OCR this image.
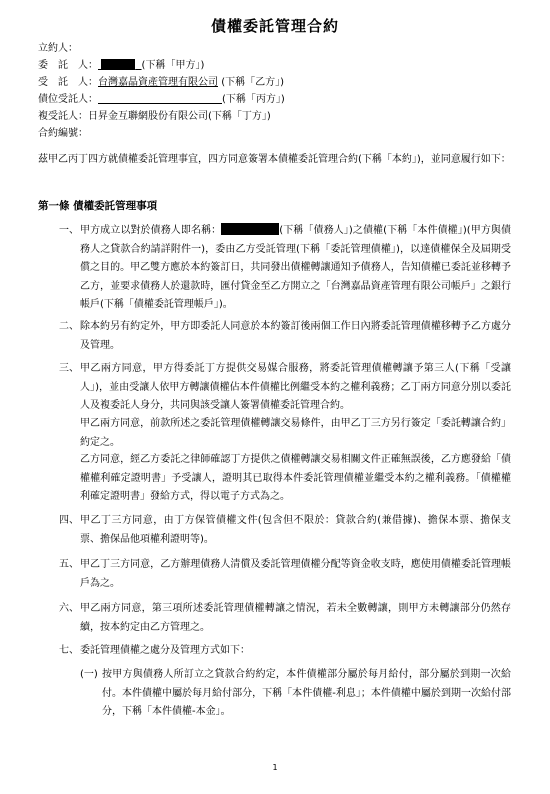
債權委託管理合約
立約人：
委　託　人：	(下稱「甲方」)
受　託　人：台灣嘉晶資產管理有限公司 (下稱「乙方」)
債位受託人：	(下稱「丙方」)
複受託人：日昇金互聯網股份有限公司(下稱「丁方」)
合約編號：
茲甲乙丙丁四方就債權委託管理事宜，四方同意簽署本債權委託管理合約(下稱「本約」)，並同意履行如下：
第一條 債權委託管理事項
一、 甲方成立以對於債務人即名稱：	(下稱「債務人」)之債權(下稱「本件債權」)(甲方與債務人之貸款合約請詳附件一)，委由乙方受託管理(下稱「委託管理債權」)，以達債權保全及屆期受償之目的。甲乙雙方應於本約簽訂日，共同發出債權轉讓通知予債務人，告知債權已委託並移轉予乙方，並要求債務人於還款時，匯付貸金至乙方開立之「台灣嘉晶資產管理有限公司帳戶」之銀行帳戶(下稱「債權委託管理帳戶」)。
二、 除本約另有約定外，甲方即委託人同意於本約簽訂後兩個工作日內將委託管理債權移轉予乙方處分及管理。
三、 甲乙兩方同意，甲方得委託丁方提供交易媒合服務，將委託管理債權轉讓予第三人(下稱「受讓人」)，並由受讓人依甲方轉讓債權佔本件債權比例繼受本約之權利義務；乙丁兩方同意分別以委託人及複委託人身分，共同與該受讓人簽署債權委託管理合約。
甲乙兩方同意，前款所述之委託管理債權轉讓交易條件，由甲乙丁三方另行簽定「委託轉讓合約」約定之。
乙方同意，經乙方委託之律師確認丁方提供之債權轉讓交易相關文件正確無誤後，乙方應發給「債權權利確定證明書」予受讓人，證明其已取得本件委託管理債權並繼受本約之權利義務。「債權權利確定證明書」發給方式，得以電子方式為之。
四、 甲乙丁三方同意，由丁方保管債權文件(包含但不限於：貸款合約(兼借據)、擔保本票、擔保支票、擔保品他項權利證明等)。
五、 甲乙丁三方同意，乙方辦理債務人清償及委託管理債權分配等資金收支時，應使用債權委託管理帳戶為之。
六、 甲乙兩方同意，第三項所述委託管理債權轉讓之情況，若未全數轉讓，則甲方未轉讓部分仍然存續，按本約定由乙方管理之。
七、 委託管理債權之處分及管理方式如下：
(一) 按甲方與債務人所訂立之貸款合約約定，本件債權部分屬於每月給付，部分屬於到期一次給付。本件債權中屬於每月給付部分，下稱「本件債權-利息」；本件債權中屬於到期一次給付部分，下稱「本件債權-本金」。
1
